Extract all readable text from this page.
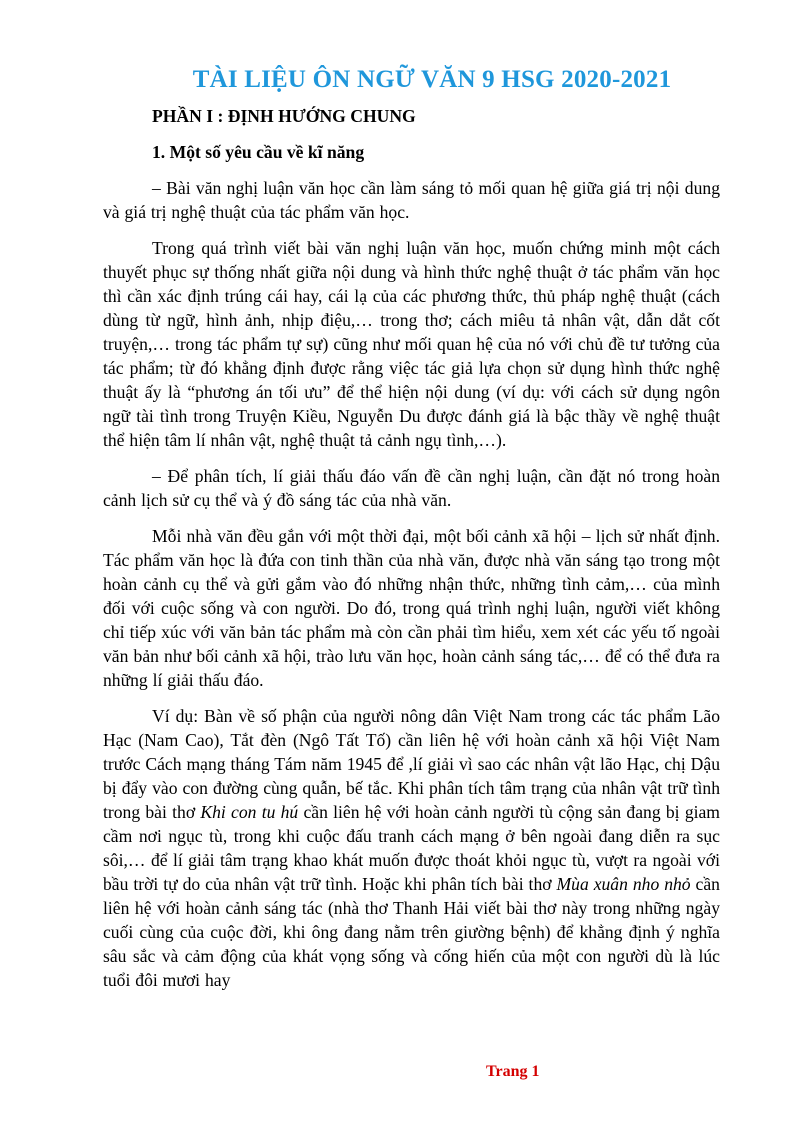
TÀI LIỆU ÔN NGỮ VĂN 9 HSG 2020-2021
PHẦN I : ĐỊNH HƯỚNG CHUNG
1. Một số yêu cầu về kĩ năng

– Bài văn nghị luận văn học cần làm sáng tỏ mối quan hệ giữa giá trị nội dung và giá trị nghệ thuật của tác phẩm văn học.

Trong quá trình viết bài văn nghị luận văn học, muốn chứng minh một cách thuyết phục sự thống nhất giữa nội dung và hình thức nghệ thuật ở tác phẩm văn học thì cần xác định trúng cái hay, cái lạ của các phương thức, thủ pháp nghệ thuật (cách dùng từ ngữ, hình ảnh, nhịp điệu,… trong thơ; cách miêu tả nhân vật, dẫn dắt cốt truyện,… trong tác phẩm tự sự) cũng như mối quan hệ của nó với chủ đề tư tưởng của tác phẩm; từ đó khẳng định được rằng việc tác giả lựa chọn sử dụng hình thức nghệ thuật ấy là “phương án tối ưu” để thể hiện nội dung (ví dụ: với cách sử dụng ngôn ngữ tài tình trong Truyện Kiều, Nguyễn Du được đánh giá là bậc thầy về nghệ thuật thể hiện tâm lí nhân vật, nghệ thuật tả cảnh ngụ tình,…).

– Để phân tích, lí giải thấu đáo vấn đề cần nghị luận, cần đặt nó trong hoàn cảnh lịch sử cụ thể và ý đồ sáng tác của nhà văn.

Mỗi nhà văn đều gắn với một thời đại, một bối cảnh xã hội – lịch sử nhất định. Tác phẩm văn học là đứa con tinh thần của nhà văn, được nhà văn sáng tạo trong một hoàn cảnh cụ thể và gửi gắm vào đó những nhận thức, những tình cảm,… của mình đối với cuộc sống và con người. Do đó, trong quá trình nghị luận, người viết không chỉ tiếp xúc với văn bản tác phẩm mà còn cần phải tìm hiểu, xem xét các yếu tố ngoài văn bản như bối cảnh xã hội, trào lưu văn học, hoàn cảnh sáng tác,… để có thể đưa ra những lí giải thấu đáo.

Ví dụ: Bàn về số phận của người nông dân Việt Nam trong các tác phẩm Lão Hạc (Nam Cao), Tắt đèn (Ngô Tất Tố) cần liên hệ với hoàn cảnh xã hội Việt Nam trước Cách mạng tháng Tám năm 1945 để ,lí giải vì sao các nhân vật lão Hạc, chị Dậu bị đẩy vào con đường cùng quẫn, bế tắc. Khi phân tích tâm trạng của nhân vật trữ tình trong bài thơ Khi con tu hú cần liên hệ với hoàn cảnh người tù cộng sản đang bị giam cầm nơi ngục tù, trong khi cuộc đấu tranh cách mạng ở bên ngoài đang diễn ra sục sôi,… để lí giải tâm trạng khao khát muốn được thoát khỏi ngục tù, vượt ra ngoài với bầu trời tự do của nhân vật trữ tình. Hoặc khi phân tích bài thơ Mùa xuân nho nhỏ cần liên hệ với hoàn cảnh sáng tác (nhà thơ Thanh Hải viết bài thơ này trong những ngày cuối cùng của cuộc đời, khi ông đang nằm trên giường bệnh) để khẳng định ý nghĩa sâu sắc và cảm động của khát vọng sống và cống hiến của một con người dù là lúc tuổi đôi mươi hay

Trang 1
